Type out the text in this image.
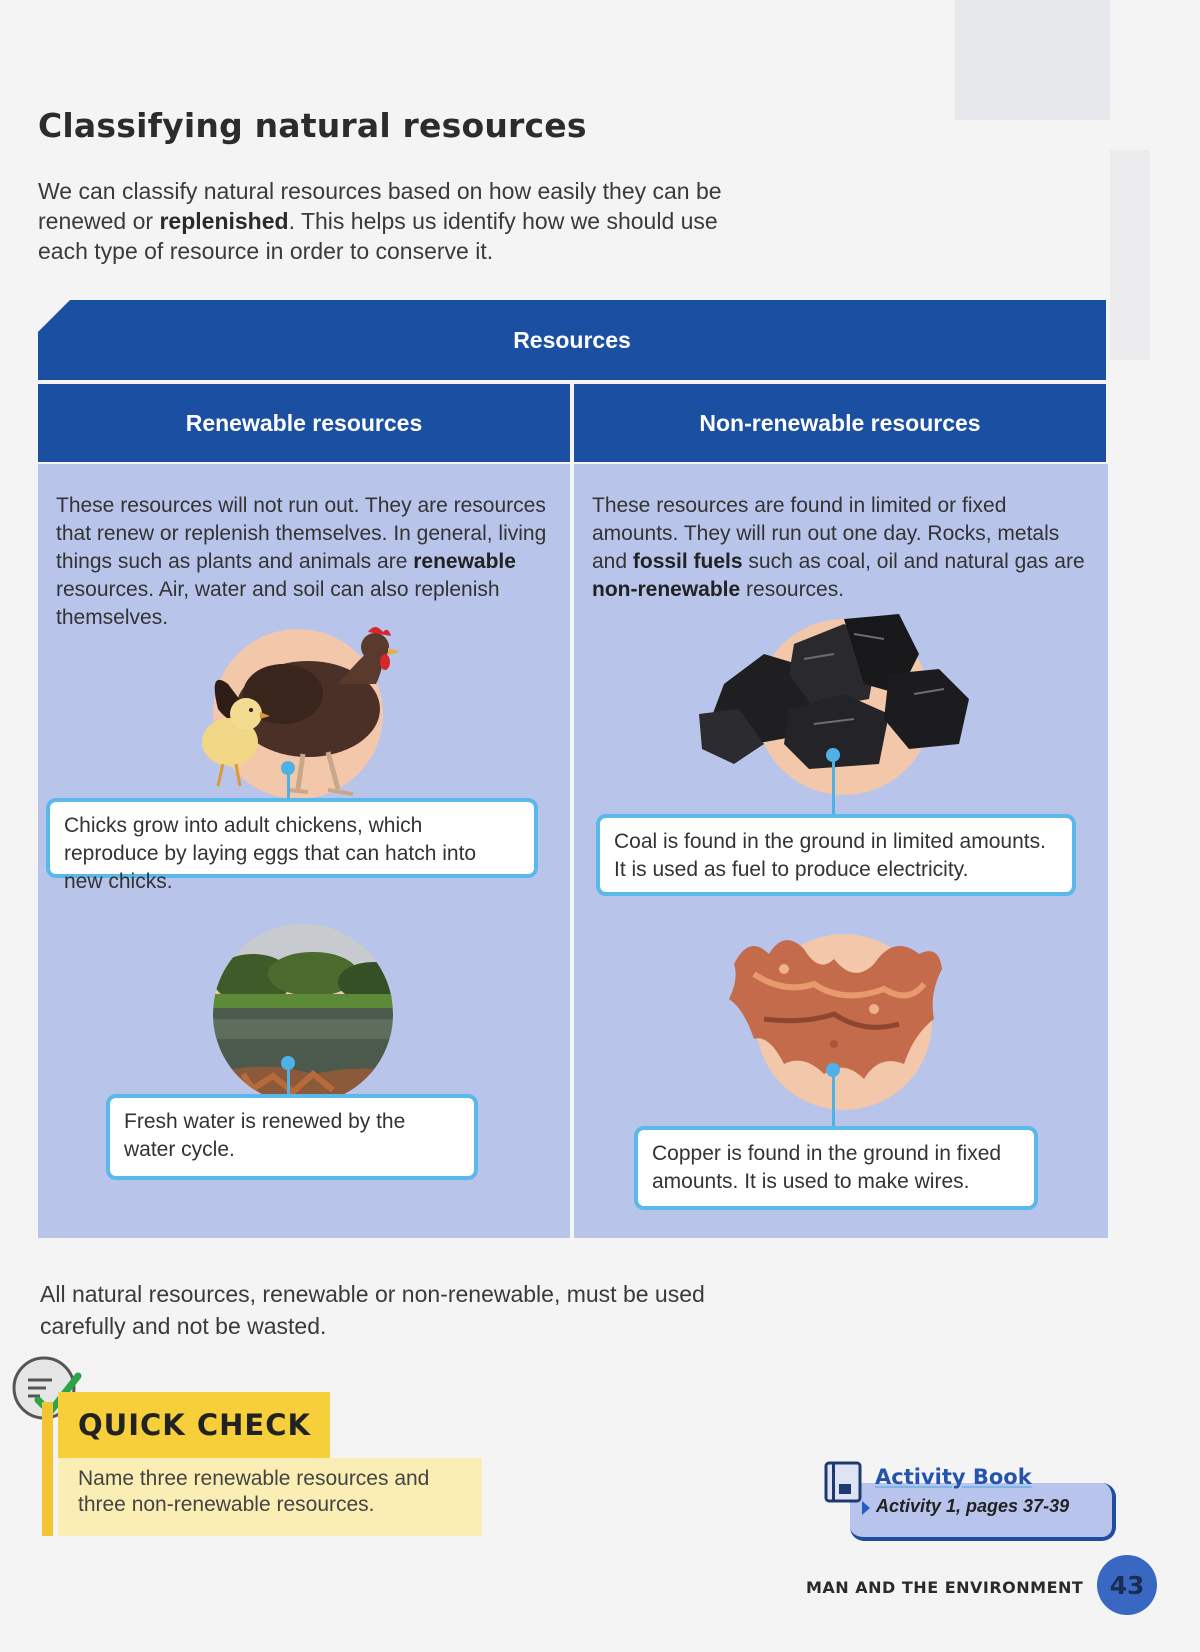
Classifying natural resources

We can classify natural resources based on how easily they can be renewed or replenished. This helps us identify how we should use each type of resource in order to conserve it.

Resources
Renewable resources	Non-renewable resources

These resources will not run out. They are resources that renew or replenish themselves. In general, living things such as plants and animals are renewable resources. Air, water and soil can also replenish themselves.

Chicks grow into adult chickens, which reproduce by laying eggs that can hatch into new chicks.
Fresh water is renewed by the water cycle.

These resources are found in limited or fixed amounts. They will run out one day. Rocks, metals and fossil fuels such as coal, oil and natural gas are non-renewable resources.

Coal is found in the ground in limited amounts. It is used as fuel to produce electricity.
Copper is found in the ground in fixed amounts. It is used to make wires.

All natural resources, renewable or non-renewable, must be used carefully and not be wasted.

QUICK CHECK

Name three renewable resources and three non-renewable resources.

Activity Book
Activity 1, pages 37-39
MAN AND THE ENVIRONMENT	43
